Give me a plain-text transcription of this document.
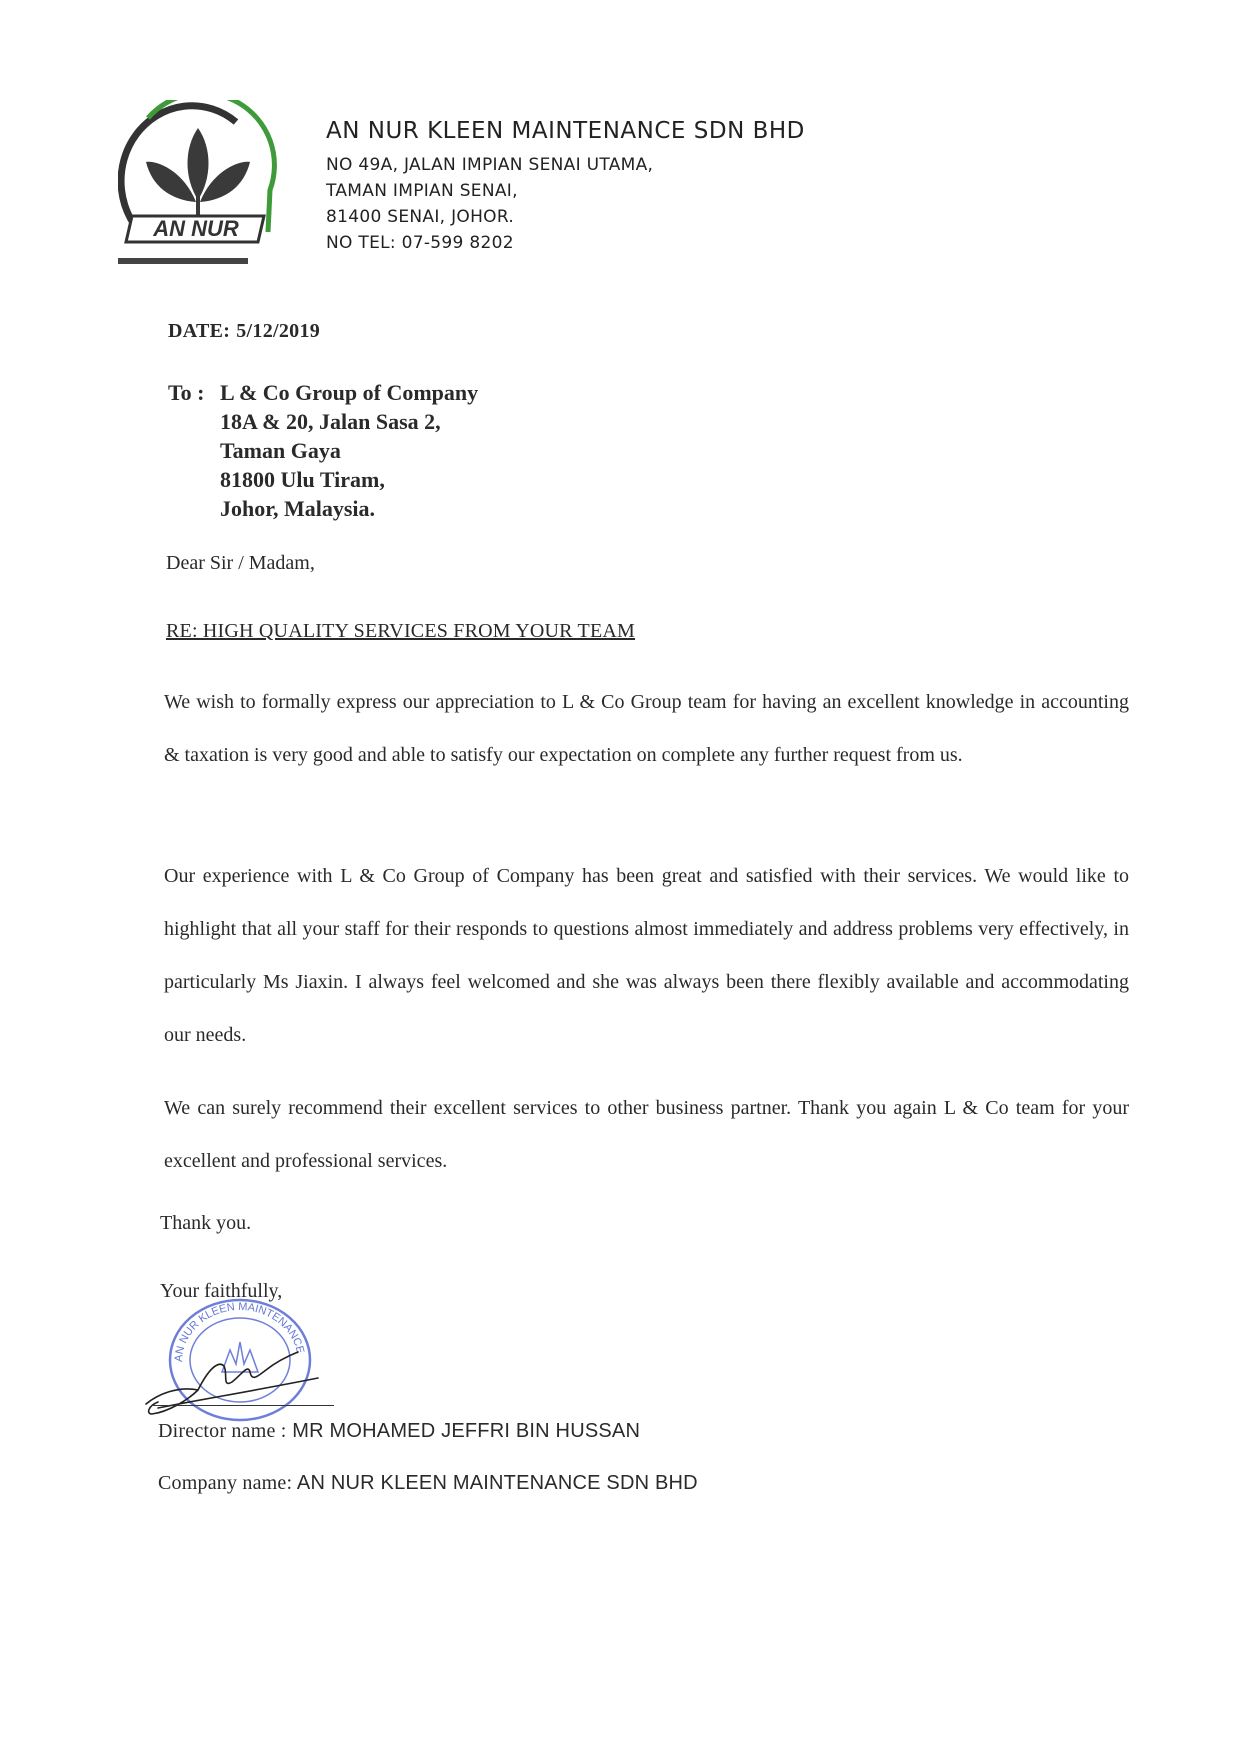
AN NUR
AN NUR KLEEN MAINTENANCE SDN BHD
NO 49A, JALAN IMPIAN SENAI UTAMA,
TAMAN IMPIAN SENAI,
81400 SENAI, JOHOR.
NO TEL: 07-599 8202
DATE: 5/12/2019
To : L & Co Group of Company
18A & 20, Jalan Sasa 2,
Taman Gaya
81800 Ulu Tiram,
Johor, Malaysia.
Dear Sir / Madam,
RE: HIGH QUALITY SERVICES FROM YOUR TEAM
We wish to formally express our appreciation to L & Co Group team for having an excellent knowledge in accounting & taxation is very good and able to satisfy our expectation on complete any further request from us.
Our experience with L & Co Group of Company has been great and satisfied with their services. We would like to highlight that all your staff for their responds to questions almost immediately and address problems very effectively, in particularly Ms Jiaxin. I always feel welcomed and she was always been there flexibly available and accommodating our needs.
We can surely recommend their excellent services to other business partner. Thank you again L & Co team for your excellent and professional services.
Thank you.
Your faithfully,
AN NUR KLEEN MAINTENANCE
Director name : MR MOHAMED JEFFRI BIN HUSSAN
Company name: AN NUR KLEEN MAINTENANCE SDN BHD
